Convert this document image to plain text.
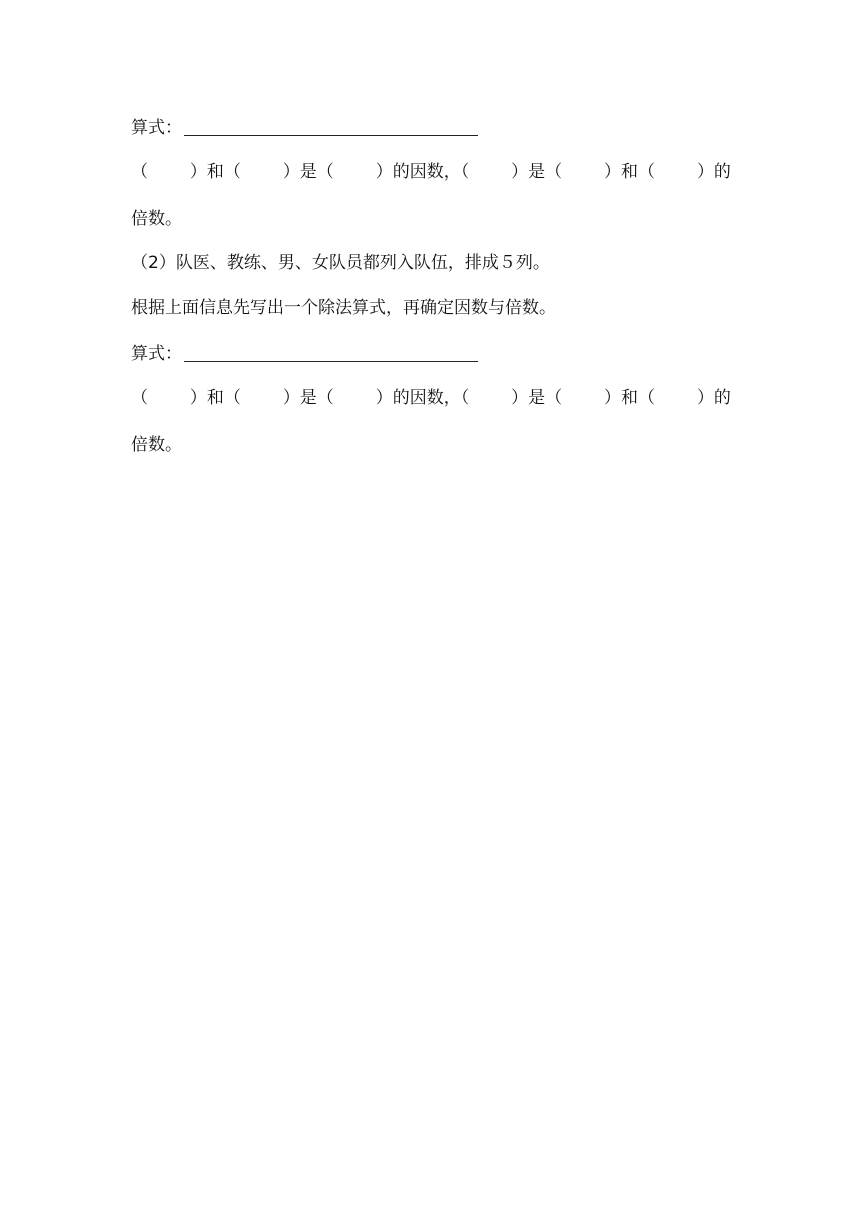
算式：
（ ）和（ ）是（ ）的因数，（ ）是（ ）和（ ）的
倍数。
（2）队医、教练、男、女队员都列入队伍，排成５列。
根据上面信息先写出一个除法算式，再确定因数与倍数。
算式：
（ ）和（ ）是（ ）的因数，（ ）是（ ）和（ ）的
倍数。
